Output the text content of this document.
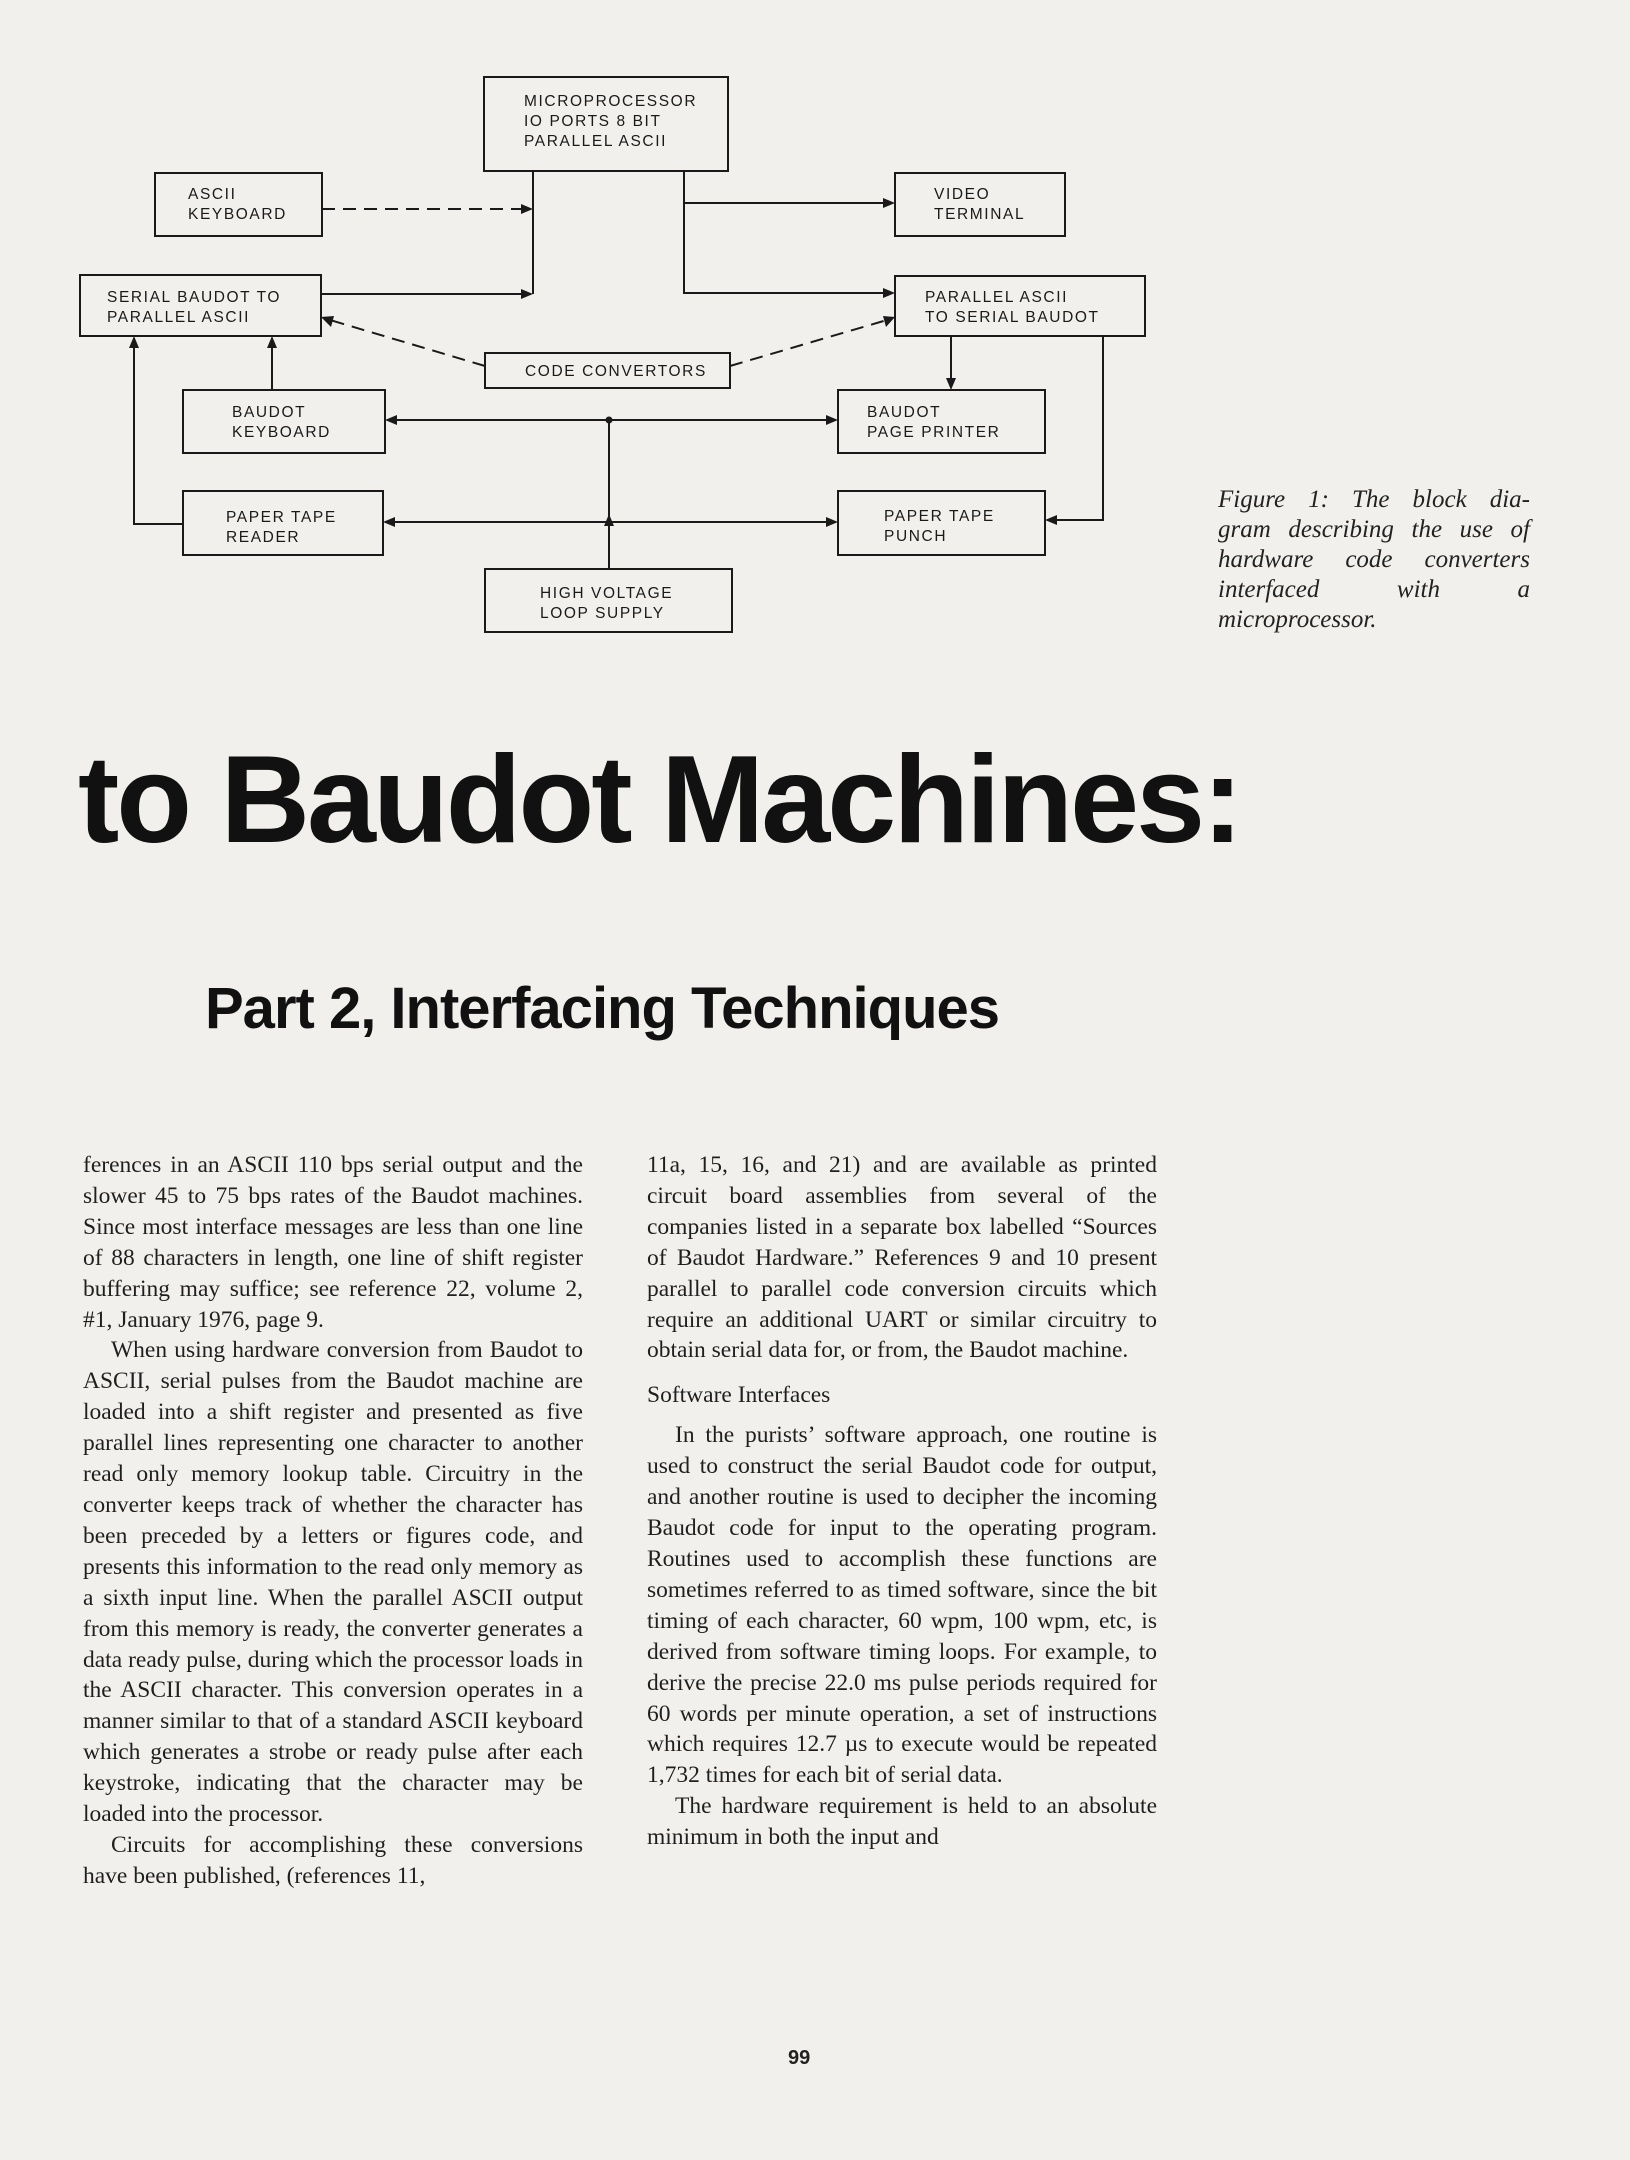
MICROPROCESSOR
IO PORTS 8 BIT
PARALLEL ASCII
ASCII
KEYBOARD
VIDEO
TERMINAL
SERIAL BAUDOT TO
PARALLEL ASCII
PARALLEL ASCII
TO SERIAL BAUDOT
CODE CONVERTORS
BAUDOT
KEYBOARD
BAUDOT
PAGE PRINTER
PAPER TAPE
READER
PAPER TAPE
PUNCH
HIGH VOLTAGE
LOOP SUPPLY
Figure 1: The block dia-
gram describing the use of
hardware code converters
interfaced with a
microprocessor.
to Baudot Machines:
Part 2, Interfacing Techniques

ferences in an ASCII 110 bps serial output and the slower 45 to 75 bps rates of the Baudot machines. Since most interface messages are less than one line of 88 characters in length, one line of shift register buffering may suffice; see reference 22, volume 2, #1, January 1976, page 9.

When using hardware conversion from Baudot to ASCII, serial pulses from the Baudot machine are loaded into a shift register and presented as five parallel lines representing one character to another read only memory lookup table. Circuitry in the converter keeps track of whether the character has been preceded by a letters or figures code, and presents this information to the read only memory as a sixth input line. When the parallel ASCII output from this memory is ready, the converter generates a data ready pulse, during which the processor loads in the ASCII character. This conversion operates in a manner similar to that of a standard ASCII keyboard which generates a strobe or ready pulse after each keystroke, indicating that the character may be loaded into the processor.

Circuits for accomplishing these conversions have been published, (references 11,

11a, 15, 16, and 21) and are available as printed circuit board assemblies from several of the companies listed in a separate box labelled “Sources of Baudot Hardware.” References 9 and 10 present parallel to parallel code conversion circuits which require an additional UART or similar circuitry to obtain serial data for, or from, the Baudot machine.

Software Interfaces

In the purists’ software approach, one routine is used to construct the serial Baudot code for output, and another routine is used to decipher the incoming Baudot code for input to the operating program. Routines used to accomplish these functions are sometimes referred to as timed software, since the bit timing of each character, 60 wpm, 100 wpm, etc, is derived from software timing loops. For example, to derive the precise 22.0 ms pulse periods required for 60 words per minute operation, a set of instructions which requires 12.7 µs to execute would be repeated 1,732 times for each bit of serial data.

The hardware requirement is held to an absolute minimum in both the input and

99
